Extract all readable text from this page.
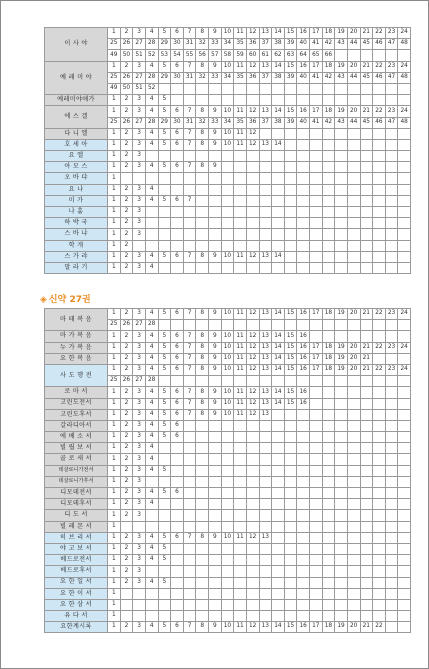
이 사 야	1	2	3	4	5	6	7	8	9	10	11	12	13	14	15	16	17	18	19	20	21	22	23	24
	25	26	27	28	29	30	31	32	33	34	35	36	37	38	39	40	41	42	43	44	45	46	47	48
	49	50	51	52	53	54	55	56	57	58	59	60	61	62	63	64	65	66						
예 레 미 야	1	2	3	4	5	6	7	8	9	10	11	12	13	14	15	16	17	18	19	20	21	22	23	24
	25	26	27	28	29	30	31	32	33	34	35	36	37	38	39	40	41	42	43	44	45	46	47	48
	49	50	51	52																				
예레미야애가	1	2	3	4	5																			
에 스 겔	1	2	3	4	5	6	7	8	9	10	11	12	13	14	15	16	17	18	19	20	21	22	23	24
	25	26	27	28	29	30	31	32	33	34	35	36	37	38	39	40	41	42	43	44	45	46	47	48
다 니 엘	1	2	3	4	5	6	7	8	9	10	11	12												
호 세 아	1	2	3	4	5	6	7	8	9	10	11	12	13	14										
요 엘	1	2	3																					
아 모 스	1	2	3	4	5	6	7	8	9															
오 바 댜	1																							
요 나	1	2	3	4																				
미 가	1	2	3	4	5	6	7																	
나 훔	1	2	3																					
하 박 국	1	2	3																					
스 바 냐	1	2	3																					
학 개	1	2																						
스 가 랴	1	2	3	4	5	6	7	8	9	10	11	12	13	14										
말 라 기	1	2	3	4																				
◈ 신약 27권
마 태 복 음	1	2	3	4	5	6	7	8	9	10	11	12	13	14	15	16	17	18	19	20	21	22	23	24
	25	26	27	28																				
마 가 복 음	1	2	3	4	5	6	7	8	9	10	11	12	13	14	15	16								
누 가 복 음	1	2	3	4	5	6	7	8	9	10	11	12	13	14	15	16	17	18	19	20	21	22	23	24
요 한 복 음	1	2	3	4	5	6	7	8	9	10	11	12	13	14	15	16	17	18	19	20	21			
사 도 행 전	1	2	3	4	5	6	7	8	9	10	11	12	13	14	15	16	17	18	19	20	21	22	23	24
	25	26	27	28																				
로 마 서	1	2	3	4	5	6	7	8	9	10	11	12	13	14	15	16								
고린도전서	1	2	3	4	5	6	7	8	9	10	11	12	13	14	15	16								
고린도후서	1	2	3	4	5	6	7	8	9	10	11	12	13											
갈라디아서	1	2	3	4	5	6																		
에 베 소 서	1	2	3	4	5	6																		
빌 립 보 서	1	2	3	4																				
골 로 새 서	1	2	3	4																				
데살로니가전서	1	2	3	4	5																			
데살로니가후서	1	2	3																					
디모데전서	1	2	3	4	5	6																		
디모데후서	1	2	3	4																				
디 도 서	1	2	3																					
빌 레 몬 서	1																							
히 브 리 서	1	2	3	4	5	6	7	8	9	10	11	12	13											
야 고 보 서	1	2	3	4	5																			
베드로전서	1	2	3	4	5																			
베드로후서	1	2	3																					
요 한 일 서	1	2	3	4	5																			
요 한 이 서	1																							
요 한 삼 서	1																							
유 다 서	1																							
요한계시록	1	2	3	4	5	6	7	8	9	10	11	12	13	14	15	16	17	18	19	20	21	22		
